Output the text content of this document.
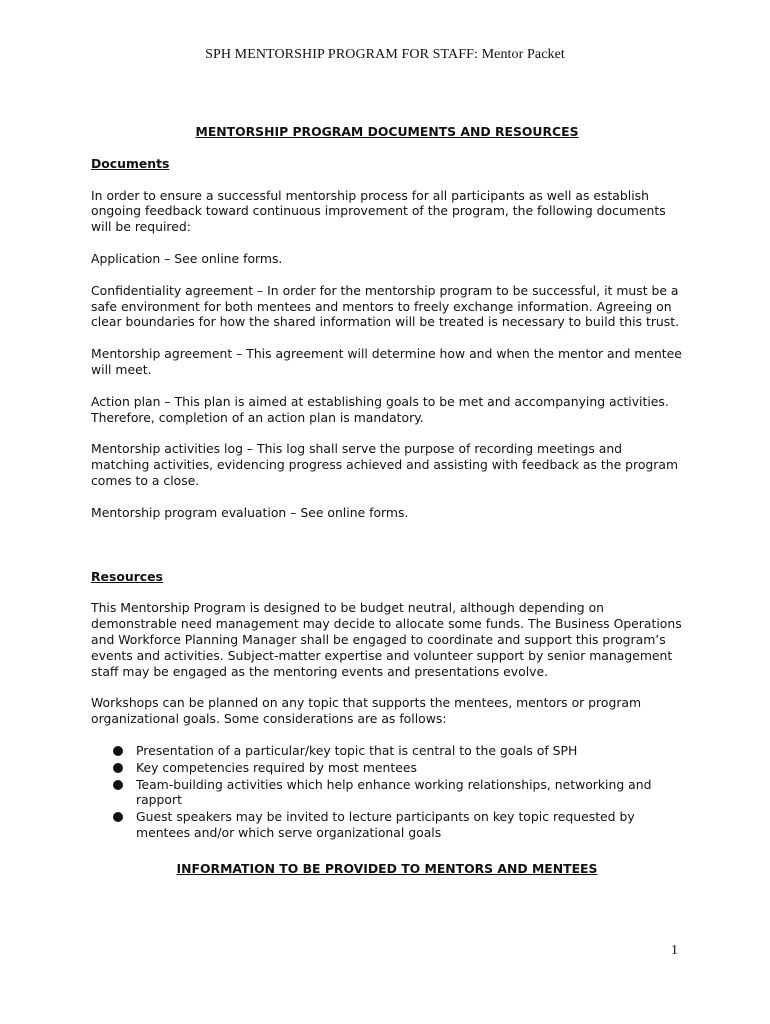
SPH MENTORSHIP PROGRAM FOR STAFF: Mentor Packet
MENTORSHIP PROGRAM DOCUMENTS AND RESOURCES
Documents

In order to ensure a successful mentorship process for all participants as well as establish ongoing feedback toward continuous improvement of the program, the following documents will be required:

Application – See online forms.

Confidentiality agreement – In order for the mentorship program to be successful, it must be a safe environment for both mentees and mentors to freely exchange information. Agreeing on clear boundaries for how the shared information will be treated is necessary to build this trust.

Mentorship agreement – This agreement will determine how and when the mentor and mentee will meet.

Action plan – This plan is aimed at establishing goals to be met and accompanying activities. Therefore, completion of an action plan is mandatory.

Mentorship activities log – This log shall serve the purpose of recording meetings and matching activities, evidencing progress achieved and assisting with feedback as the program comes to a close.

Mentorship program evaluation – See online forms.

Resources

This Mentorship Program is designed to be budget neutral, although depending on demonstrable need management may decide to allocate some funds. The Business Operations and Workforce Planning Manager shall be engaged to coordinate and support this program’s events and activities. Subject-matter expertise and volunteer support by senior management staff may be engaged as the mentoring events and presentations evolve.

Workshops can be planned on any topic that supports the mentees, mentors or program organizational goals. Some considerations are as follows:

Presentation of a particular/key topic that is central to the goals of SPH
Key competencies required by most mentees
Team-building activities which help enhance working relationships, networking and rapport
Guest speakers may be invited to lecture participants on key topic requested by mentees and/or which serve organizational goals
INFORMATION TO BE PROVIDED TO MENTORS AND MENTEES
1
